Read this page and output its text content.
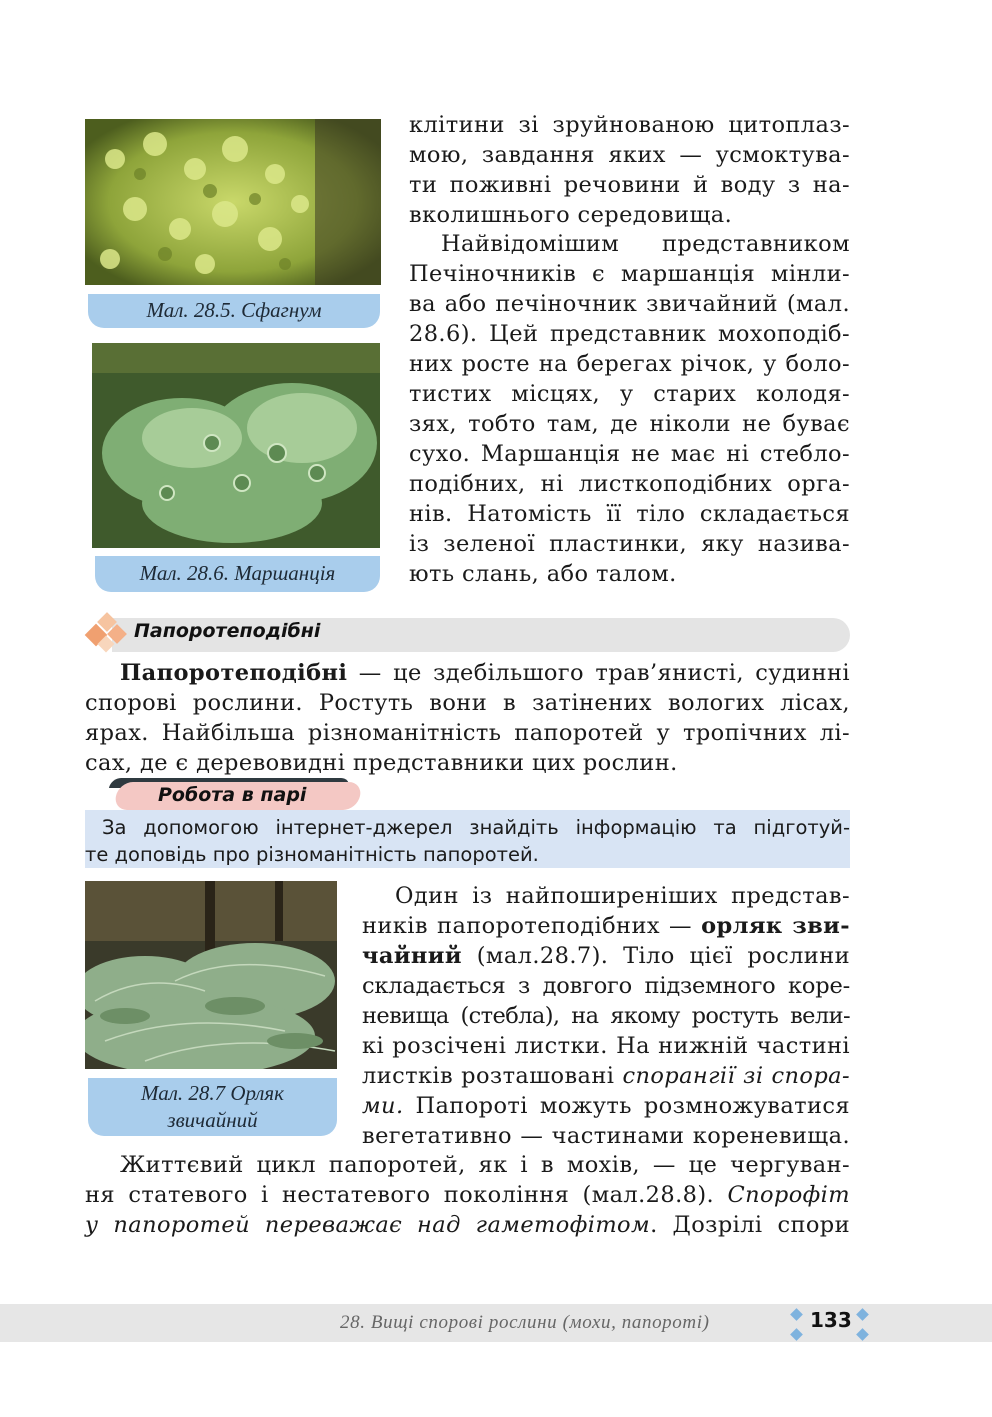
Мал. 28.5. Сфагнум
Мал. 28.6. Маршанція
клітини зі зруйнованою цитоплаз-
мою, завдання яких — усмоктува-
ти поживні речовини й воду з на-
вколишнього середовища.
Найвідомішим представником
Печіночників є маршанція мінли-
ва або печіночник звичайний (мал.
28.6). Цей представник мохоподіб-
них росте на берегах річок, у боло-
тистих місцях, у старих колодя-
зях, тобто там, де ніколи не буває
сухо. Маршанція не має ні стебло-
подібних, ні листкоподібних орга-
нів. Натомість її тіло складається
із зеленої пластинки, яку назива-
ють слань, або талом.
Папоротеподібні
Папоротеподібні — це здебільшого трав’янисті, судинні
спорові рослини. Ростуть вони в затінених вологих лісах,
ярах. Найбільша різноманітність папоротей у тропічних лі-
сах, де є деревовидні представники цих рослин.
Робота в парі
За допомогою інтернет-джерел знайдіть інформацію та підготуй-
те доповідь про різноманітність папоротей.
Мал. 28.7 Орляк
звичайний
Один із найпоширеніших представ-
ників папоротеподібних — орляк зви-
чайний (мал.28.7). Тіло цієї рослини
складається з довгого підземного коре-
невища (стебла), на якому ростуть вели-
кі розсічені листки. На нижній частині
листків розташовані спорангії зі спора-
ми. Папороті можуть розмножуватися
вегетативно — частинами кореневища.
Життєвий цикл папоротей, як і в мохів, — це чергуван-
ня статевого і нестатевого покоління (мал.28.8). Спорофіт
у папоротей переважає над гаметофітом. Дозрілі спори
28. Вищі спорові рослини (мохи, папороті)	133
